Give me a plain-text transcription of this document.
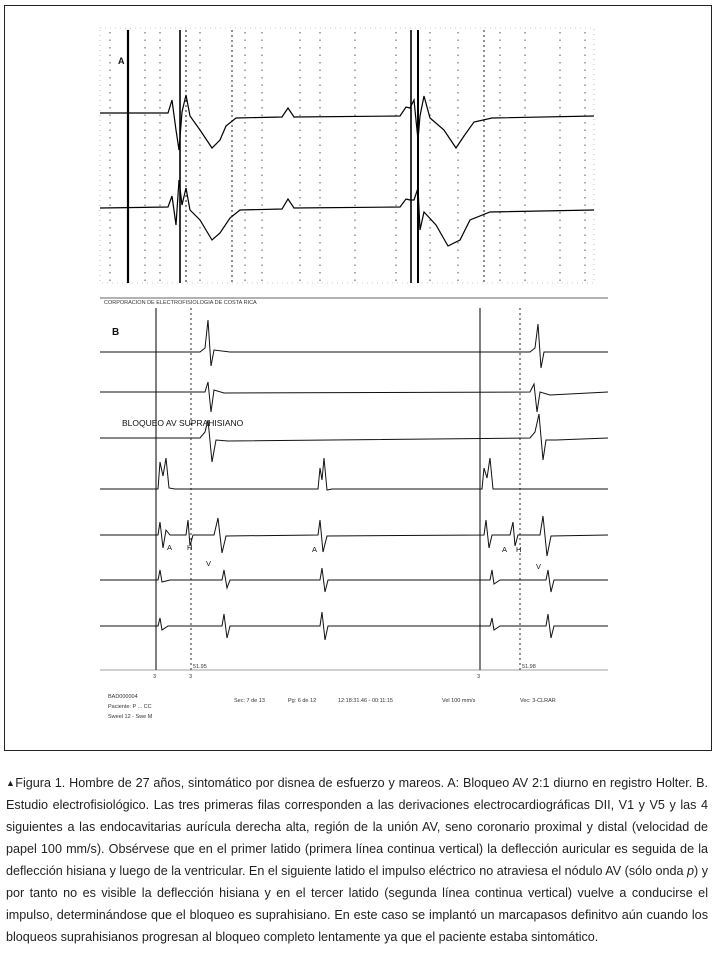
A
CORPORACION DE ELECTROFISIOLOGIA DE COSTA RICA
B
BLOQUEO AV SUPRAHISIANO
A H
V
A	A H
V
3	3
51.95	51.98
3
BAD000004
Paciente: P ... CC
Sweel 12 - Swe M
Sec: 7 de 13	Pg: 6 de 12	12:18:31.46 - 00:11:15	Vel 100 mm/s	Vec: 3-CLRAR
▲Figura 1. Hombre de 27 años, sintomático por disnea de esfuerzo y mareos. A: Bloqueo AV 2:1 diurno en registro Holter. B. Estudio electrofisiológico. Las tres primeras filas corresponden a las derivaciones electrocardiográficas DII, V1 y V5 y las 4 siguientes a las endocavitarias aurícula derecha alta, región de la unión AV, seno coronario proximal y distal (velocidad de papel 100 mm/s). Obsérvese que en el primer latido (primera línea continua vertical) la deflección auricular es seguida de la deflección hisiana y luego de la ventricular. En el siguiente latido el impulso eléctrico no atraviesa el nódulo AV (sólo onda p) y por tanto no es visible la deflección hisiana y en el tercer latido (segunda línea continua vertical) vuelve a conducirse el impulso, determinándose que el bloqueo es suprahisiano. En este caso se implantó un marcapasos definitvo aún cuando los bloqueos suprahisianos progresan al bloqueo completo lentamente ya que el paciente estaba sintomático.
